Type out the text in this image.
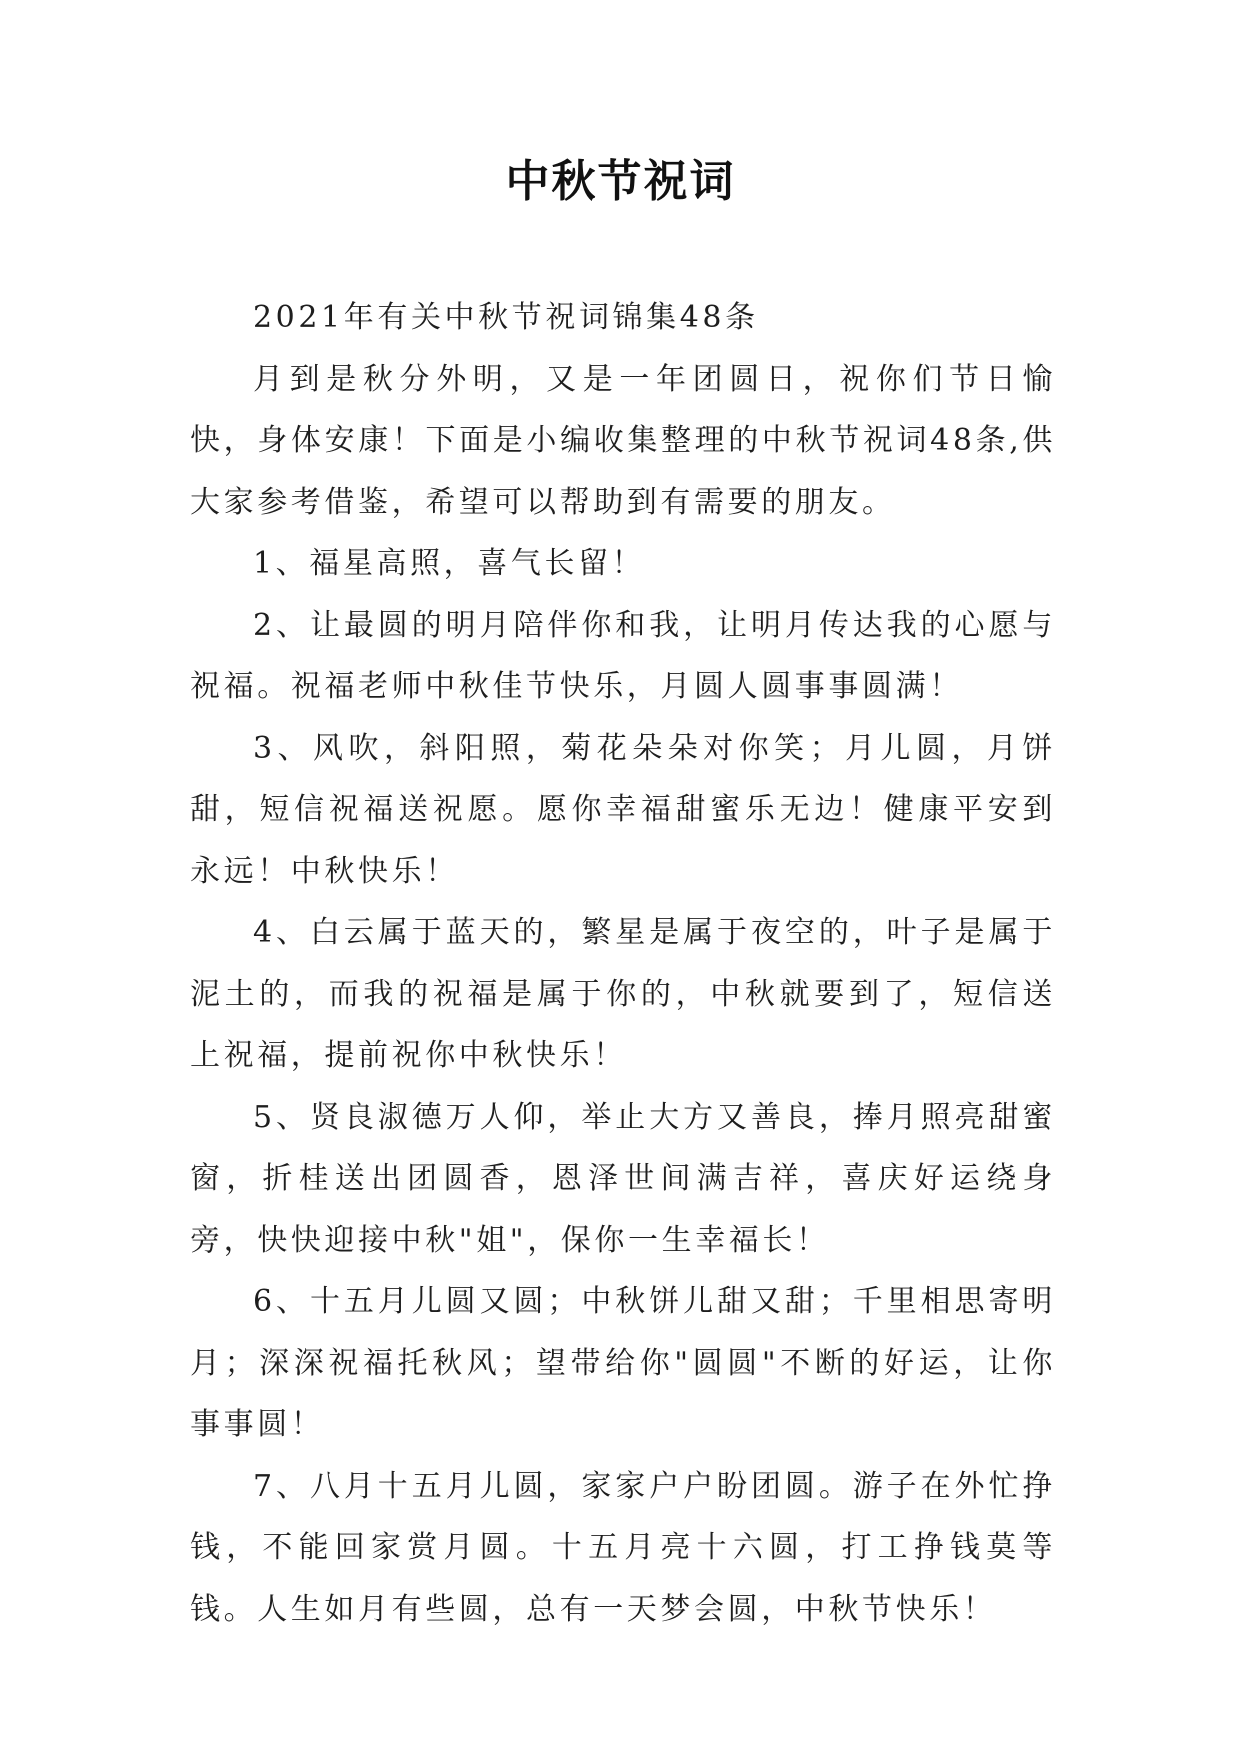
中秋节祝词

2021年有关中秋节祝词锦集48条

月到是秋分外明，又是一年团圆日，祝你们节日愉快，身体安康！下面是小编收集整理的中秋节祝词48条,供大家参考借鉴，希望可以帮助到有需要的朋友。

1、福星高照，喜气长留！

2、让最圆的明月陪伴你和我，让明月传达我的心愿与祝福。祝福老师中秋佳节快乐，月圆人圆事事圆满！

3、风吹，斜阳照，菊花朵朵对你笑；月儿圆，月饼甜，短信祝福送祝愿。愿你幸福甜蜜乐无边！健康平安到永远！中秋快乐！

4、白云属于蓝天的，繁星是属于夜空的，叶子是属于泥土的，而我的祝福是属于你的，中秋就要到了，短信送上祝福，提前祝你中秋快乐！

5、贤良淑德万人仰，举止大方又善良，捧月照亮甜蜜窗，折桂送出团圆香，恩泽世间满吉祥，喜庆好运绕身旁，快快迎接中秋"姐"，保你一生幸福长！

6、十五月儿圆又圆；中秋饼儿甜又甜；千里相思寄明月；深深祝福托秋风；望带给你"圆圆"不断的好运，让你事事圆！

7、八月十五月儿圆，家家户户盼团圆。游子在外忙挣钱，不能回家赏月圆。十五月亮十六圆，打工挣钱莫等钱。人生如月有些圆，总有一天梦会圆，中秋节快乐！
